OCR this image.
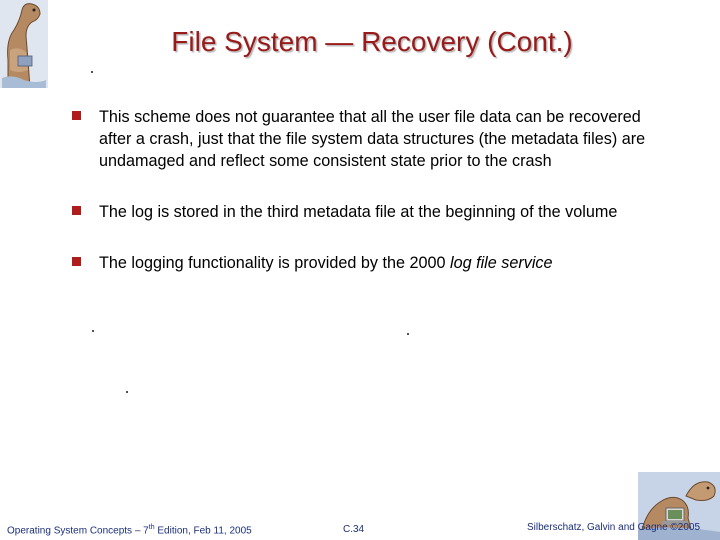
File System — Recovery (Cont.)
This scheme does not guarantee that all the user file data can be recovered after a crash, just that the file system data structures (the metadata files) are undamaged and reflect some consistent state prior to the crash
The log is stored in the third metadata file at the beginning of the volume
The logging functionality is provided by the 2000 log file service
Operating System Concepts – 7th Edition, Feb 11, 2005	C.34	Silberschatz, Galvin and Gagne ©2005
